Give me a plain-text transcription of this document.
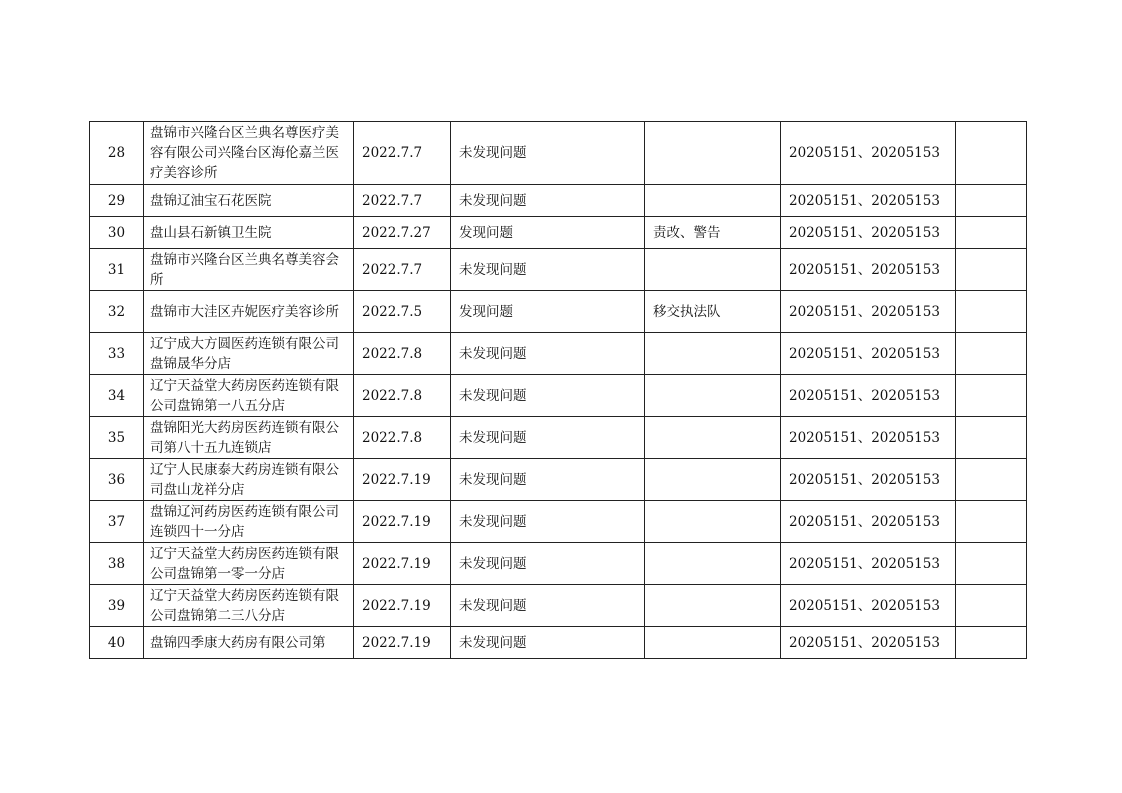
28	盘锦市兴隆台区兰典名尊医疗美容有限公司兴隆台区海伦嘉兰医疗美容诊所	2022.7.7	未发现问题		20205151、20205153	
29	盘锦辽油宝石花医院	2022.7.7	未发现问题		20205151、20205153	
30	盘山县石新镇卫生院	2022.7.27	发现问题	责改、警告	20205151、20205153	
31	盘锦市兴隆台区兰典名尊美容会所	2022.7.7	未发现问题		20205151、20205153	
32	盘锦市大洼区卉妮医疗美容诊所	2022.7.5	发现问题	移交执法队	20205151、20205153	
33	辽宁成大方圆医药连锁有限公司盘锦晟华分店	2022.7.8	未发现问题		20205151、20205153	
34	辽宁天益堂大药房医药连锁有限公司盘锦第一八五分店	2022.7.8	未发现问题		20205151、20205153	
35	盘锦阳光大药房医药连锁有限公司第八十五九连锁店	2022.7.8	未发现问题		20205151、20205153	
36	辽宁人民康泰大药房连锁有限公司盘山龙祥分店	2022.7.19	未发现问题		20205151、20205153	
37	盘锦辽河药房医药连锁有限公司连锁四十一分店	2022.7.19	未发现问题		20205151、20205153	
38	辽宁天益堂大药房医药连锁有限公司盘锦第一零一分店	2022.7.19	未发现问题		20205151、20205153	
39	辽宁天益堂大药房医药连锁有限公司盘锦第二三八分店	2022.7.19	未发现问题		20205151、20205153	
40	盘锦四季康大药房有限公司第	2022.7.19	未发现问题		20205151、20205153	
